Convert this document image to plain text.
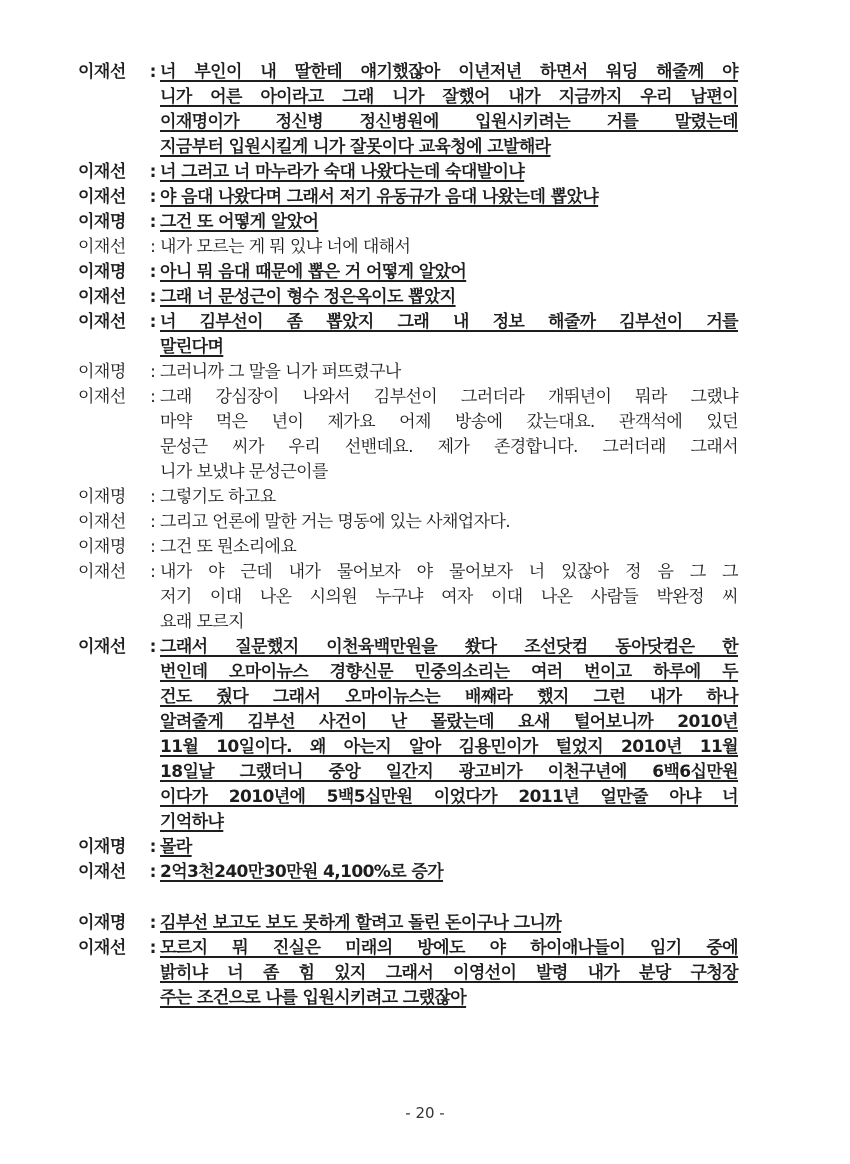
이재선	: 너 부인이 내 딸한테 얘기했잖아 이년저년 하면서 워딩 해줄께 야
니가 어른 아이라고 그래 니가 잘했어 내가 지금까지 우리 남편이
이재명이가 정신병 정신병원에 입원시키려는 거를 말렸는데
지금부터 입원시킬게 니가 잘못이다 교육청에 고발해라
이재선	: 너 그러고 너 마누라가 숙대 나왔다는데 숙대발이냐
이재선	: 야 음대 나왔다며 그래서 저기 유동규가 음대 나왔는데 뽑았냐
이재명	: 그건 또 어떻게 알았어
이재선	: 내가 모르는 게 뭐 있냐 너에 대해서
이재명	: 아니 뭐 음대 때문에 뽑은 거 어떻게 알았어
이재선	: 그래 너 문성근이 형수 정은옥이도 뽑았지
이재선	: 너 김부선이 좀 뽑았지 그래 내 정보 해줄까 김부선이 거를
말린다며
이재명	: 그러니까 그 말을 니가 퍼뜨렸구나
이재선	: 그래 강심장이 나와서 김부선이 그러더라 개뛰년이 뭐라 그랬냐
마약 먹은 년이 제가요 어제 방송에 갔는대요. 관객석에 있던
문성근 씨가 우리 선밴데요. 제가 존경합니다. 그러더래 그래서
니가 보냈냐 문성근이를
이재명	: 그렇기도 하고요
이재선	: 그리고 언론에 말한 거는 명동에 있는 사채업자다.
이재명	: 그건 또 뭔소리에요
이재선	: 내가 야 근데 내가 물어보자 야 물어보자 너 있잖아 정 음 그 그
저기 이대 나온 시의원 누구냐 여자 이대 나온 사람들 박완정 씨
요래 모르지
이재선	: 그래서 질문했지 이천육백만원을 쐈다 조선닷컴 동아닷컴은 한
번인데 오마이뉴스 경향신문 민중의소리는 여러 번이고 하루에 두
건도 줬다 그래서 오마이뉴스는 배째라 했지 그런 내가 하나
알려줄게 김부선 사건이 난 몰랐는데 요새 털어보니까 2010년
11월 10일이다. 왜 아는지 알아 김용민이가 털었지 2010년 11월
18일날 그랬더니 중앙 일간지 광고비가 이천구년에 6백6십만원
이다가 2010년에 5백5십만원 이었다가 2011년 얼만줄 아냐 너
기억하냐
이재명	: 몰라
이재선	: 2억3천240만30만원 4,100%로 증가
이재명	: 김부선 보고도 보도 못하게 할려고 돌린 돈이구나 그니까
이재선	: 모르지 뭐 진실은 미래의 방에도 야 하이애나들이 임기 중에
밝히냐 너 좀 힘 있지 그래서 이영선이 발령 내가 분당 구청장
주는 조건으로 나를 입원시키려고 그랬잖아
- 20 -
